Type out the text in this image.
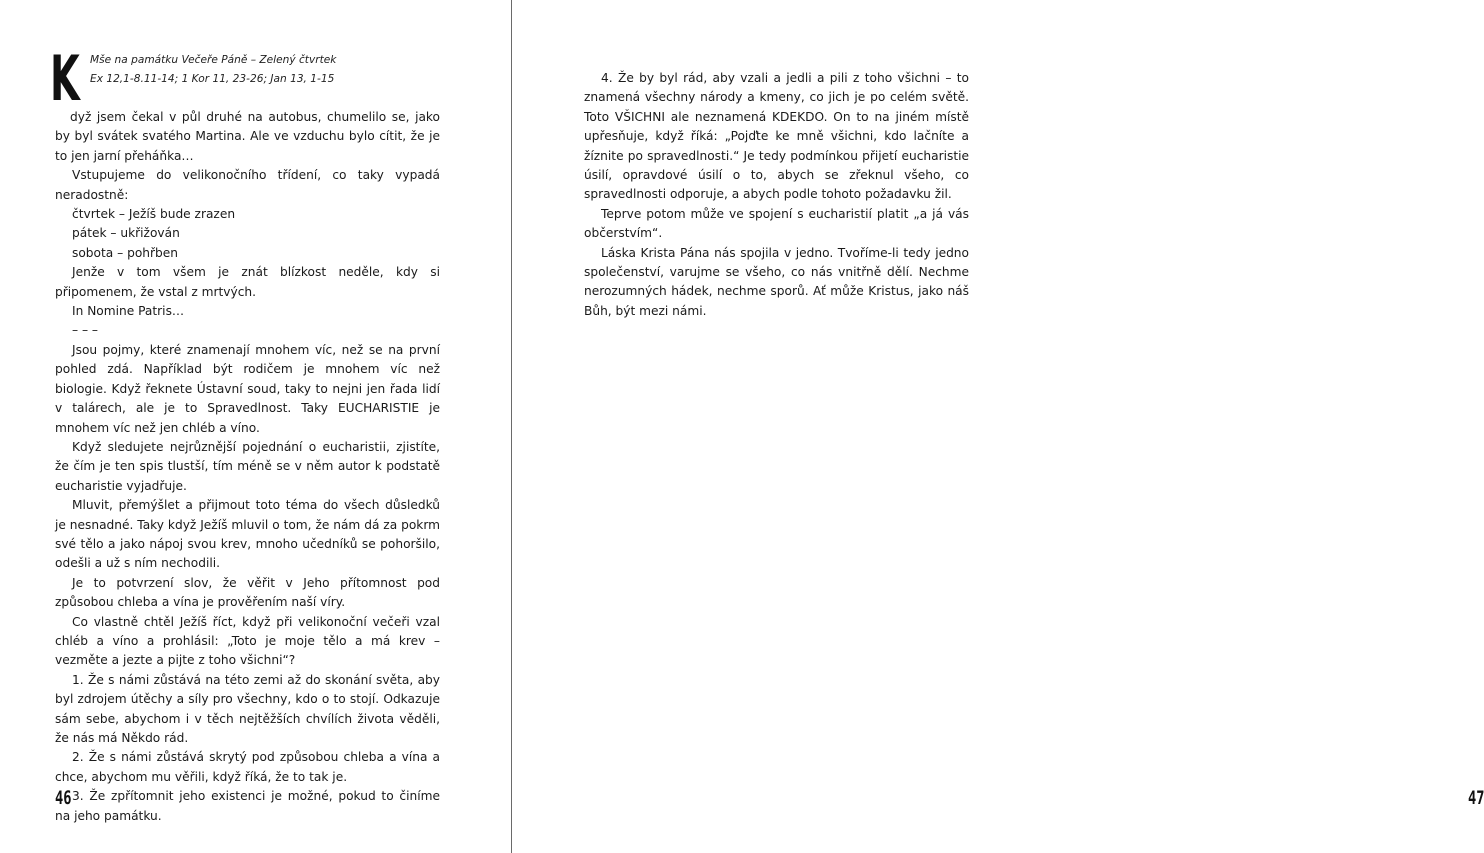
K Mše na památku Večeře Páně – Zelený čtvrtek
Ex 12,1-8.11-14; 1 Kor 11, 23-26; Jan 13, 1-15

dyž jsem čekal v půl druhé na autobus, chumelilo se, jako by byl svátek svatého Martina. Ale ve vzduchu bylo cítit, že je to jen jarní přeháňka…

Vstupujeme do velikonočního třídení, co taky vypadá neradostně:

čtvrtek – Ježíš bude zrazen

pátek – ukřižován

sobota – pohřben

Jenže v tom všem je znát blízkost neděle, kdy si připomenem, že vstal z mrtvých.

In Nomine Patris…

– – –

Jsou pojmy, které znamenají mnohem víc, než se na první pohled zdá. Například být rodičem je mnohem víc než biologie. Když řeknete Ústavní soud, taky to nejni jen řada lidí v talárech, ale je to Spravedlnost. Taky EUCHARISTIE je mnohem víc než jen chléb a víno.

Když sledujete nejrůznější pojednání o eucharistii, zjistíte, že čím je ten spis tlustší, tím méně se v něm autor k podstatě eucharistie vyjadřuje.

Mluvit, přemýšlet a přijmout toto téma do všech důsledků je nesnadné. Taky když Ježíš mluvil o tom, že nám dá za pokrm své tělo a jako nápoj svou krev, mnoho učedníků se pohoršilo, odešli a už s ním nechodili.

Je to potvrzení slov, že věřit v Jeho přítomnost pod způsobou chleba a vína je prověřením naší víry.

Co vlastně chtěl Ježíš říct, když při velikonoční večeři vzal chléb a víno a prohlásil: „Toto je moje tělo a má krev – vezměte a jezte a pijte z toho všichni“?

1. Že s námi zůstává na této zemi až do skonání světa, aby byl zdrojem útěchy a síly pro všechny, kdo o to stojí. Odkazuje sám sebe, abychom i v těch nejtěžších chvílích života věděli, že nás má Někdo rád.

2. Že s námi zůstává skrytý pod způsobou chleba a vína a chce, abychom mu věřili, když říká, že to tak je.

3. Že zpřítomnit jeho existenci je možné, pokud to činíme na jeho památku.

46	47

4. Že by byl rád, aby vzali a jedli a pili z toho všichni – to znamená všechny národy a kmeny, co jich je po celém světě. Toto VŠICHNI ale neznamená KDEKDO. On to na jiném místě upřesňuje, když říká: „Pojďte ke mně všichni, kdo lačníte a žíznite po spravedlnosti.“ Je tedy podmínkou přijetí eucharistie úsilí, opravdové úsilí o to, abych se zřeknul všeho, co spravedlnosti odporuje, a abych podle tohoto požadavku žil.

Teprve potom může ve spojení s eucharistií platit „a já vás občerstvím“.

Láska Krista Pána nás spojila v jedno. Tvoříme-li tedy jedno společenství, varujme se všeho, co nás vnitřně dělí. Nechme nerozumných hádek, nechme sporů. Ať může Kristus, jako náš Bůh, být mezi námi.
